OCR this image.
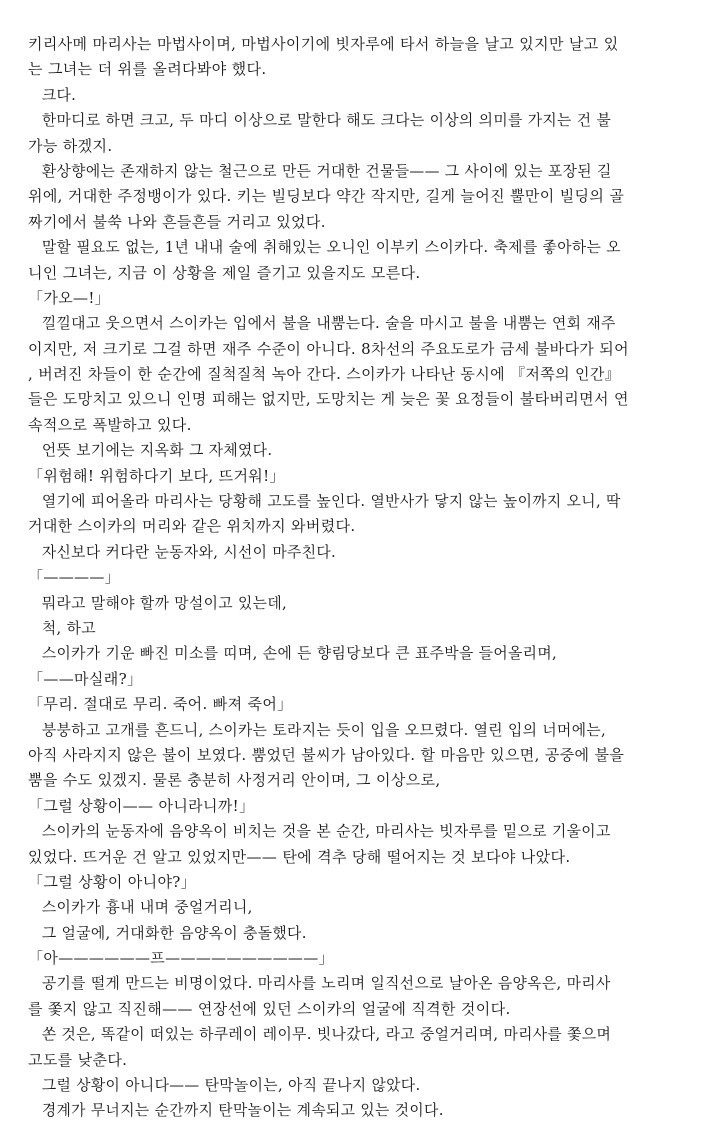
키리사메 마리사는 마법사이며, 마법사이기에 빗자루에 타서 하늘을 날고 있지만 날고 있
는 그녀는 더 위를 올려다봐야 했다.
크다.
한마디로 하면 크고, 두 마디 이상으로 말한다 해도 크다는 이상의 의미를 가지는 건 불
가능 하겠지.
환상향에는 존재하지 않는 철근으로 만든 거대한 건물들—— 그 사이에 있는 포장된 길
위에, 거대한 주정뱅이가 있다. 키는 빌딩보다 약간 작지만, 길게 늘어진 뿔만이 빌딩의 골
짜기에서 불쑥 나와 흔들흔들 거리고 있었다.
말할 필요도 없는, 1년 내내 술에 취해있는 오니인 이부키 스이카다. 축제를 좋아하는 오
니인 그녀는, 지금 이 상황을 제일 즐기고 있을지도 모른다.
「가오—!」
낄낄대고 웃으면서 스이카는 입에서 불을 내뿜는다. 술을 마시고 불을 내뿜는 연회 재주
이지만, 저 크기로 그걸 하면 재주 수준이 아니다. 8차선의 주요도로가 금세 불바다가 되어
, 버려진 차들이 한 순간에 질척질척 녹아 간다. 스이카가 나타난 동시에 『저쪽의 인간』
들은 도망치고 있으니 인명 피해는 없지만, 도망치는 게 늦은 꽃 요정들이 불타버리면서 연
속적으로 폭발하고 있다.
언뜻 보기에는 지옥화 그 자체였다.
「위험해! 위험하다기 보다, 뜨거워!」
열기에 피어올라 마리사는 당황해 고도를 높인다. 열반사가 닿지 않는 높이까지 오니, 딱
거대한 스이카의 머리와 같은 위치까지 와버렸다.
자신보다 커다란 눈동자와, 시선이 마주친다.
「————」
뭐라고 말해야 할까 망설이고 있는데,
척, 하고
스이카가 기운 빠진 미소를 띠며, 손에 든 향림당보다 큰 표주박을 들어올리며,
「——마실래?」
「무리. 절대로 무리. 죽어. 빠져 죽어」
붕붕하고 고개를 흔드니, 스이카는 토라지는 듯이 입을 오므렸다. 열린 입의 너머에는,
아직 사라지지 않은 불이 보였다. 뿜었던 불씨가 남아있다. 할 마음만 있으면, 공중에 불을
뿜을 수도 있겠지. 물론 충분히 사정거리 안이며, 그 이상으로,
「그럴 상황이—— 아니라니까!」
스이카의 눈동자에 음양옥이 비치는 것을 본 순간, 마리사는 빗자루를 밑으로 기울이고
있었다. 뜨거운 건 알고 있었지만—— 탄에 격추 당해 떨어지는 것 보다야 나았다.
「그럴 상황이 아니야?」
스이카가 흉내 내며 중얼거리니,
그 얼굴에, 거대화한 음양옥이 충돌했다.
「아——————프——————————」
공기를 떨게 만드는 비명이었다. 마리사를 노리며 일직선으로 날아온 음양옥은, 마리사
를 쫓지 않고 직진해—— 연장선에 있던 스이카의 얼굴에 직격한 것이다.
쏜 것은, 똑같이 떠있는 하쿠레이 레이무. 빗나갔다, 라고 중얼거리며, 마리사를 쫓으며
고도를 낮춘다.
그럴 상황이 아니다—— 탄막놀이는, 아직 끝나지 않았다.
경계가 무너지는 순간까지 탄막놀이는 계속되고 있는 것이다.
